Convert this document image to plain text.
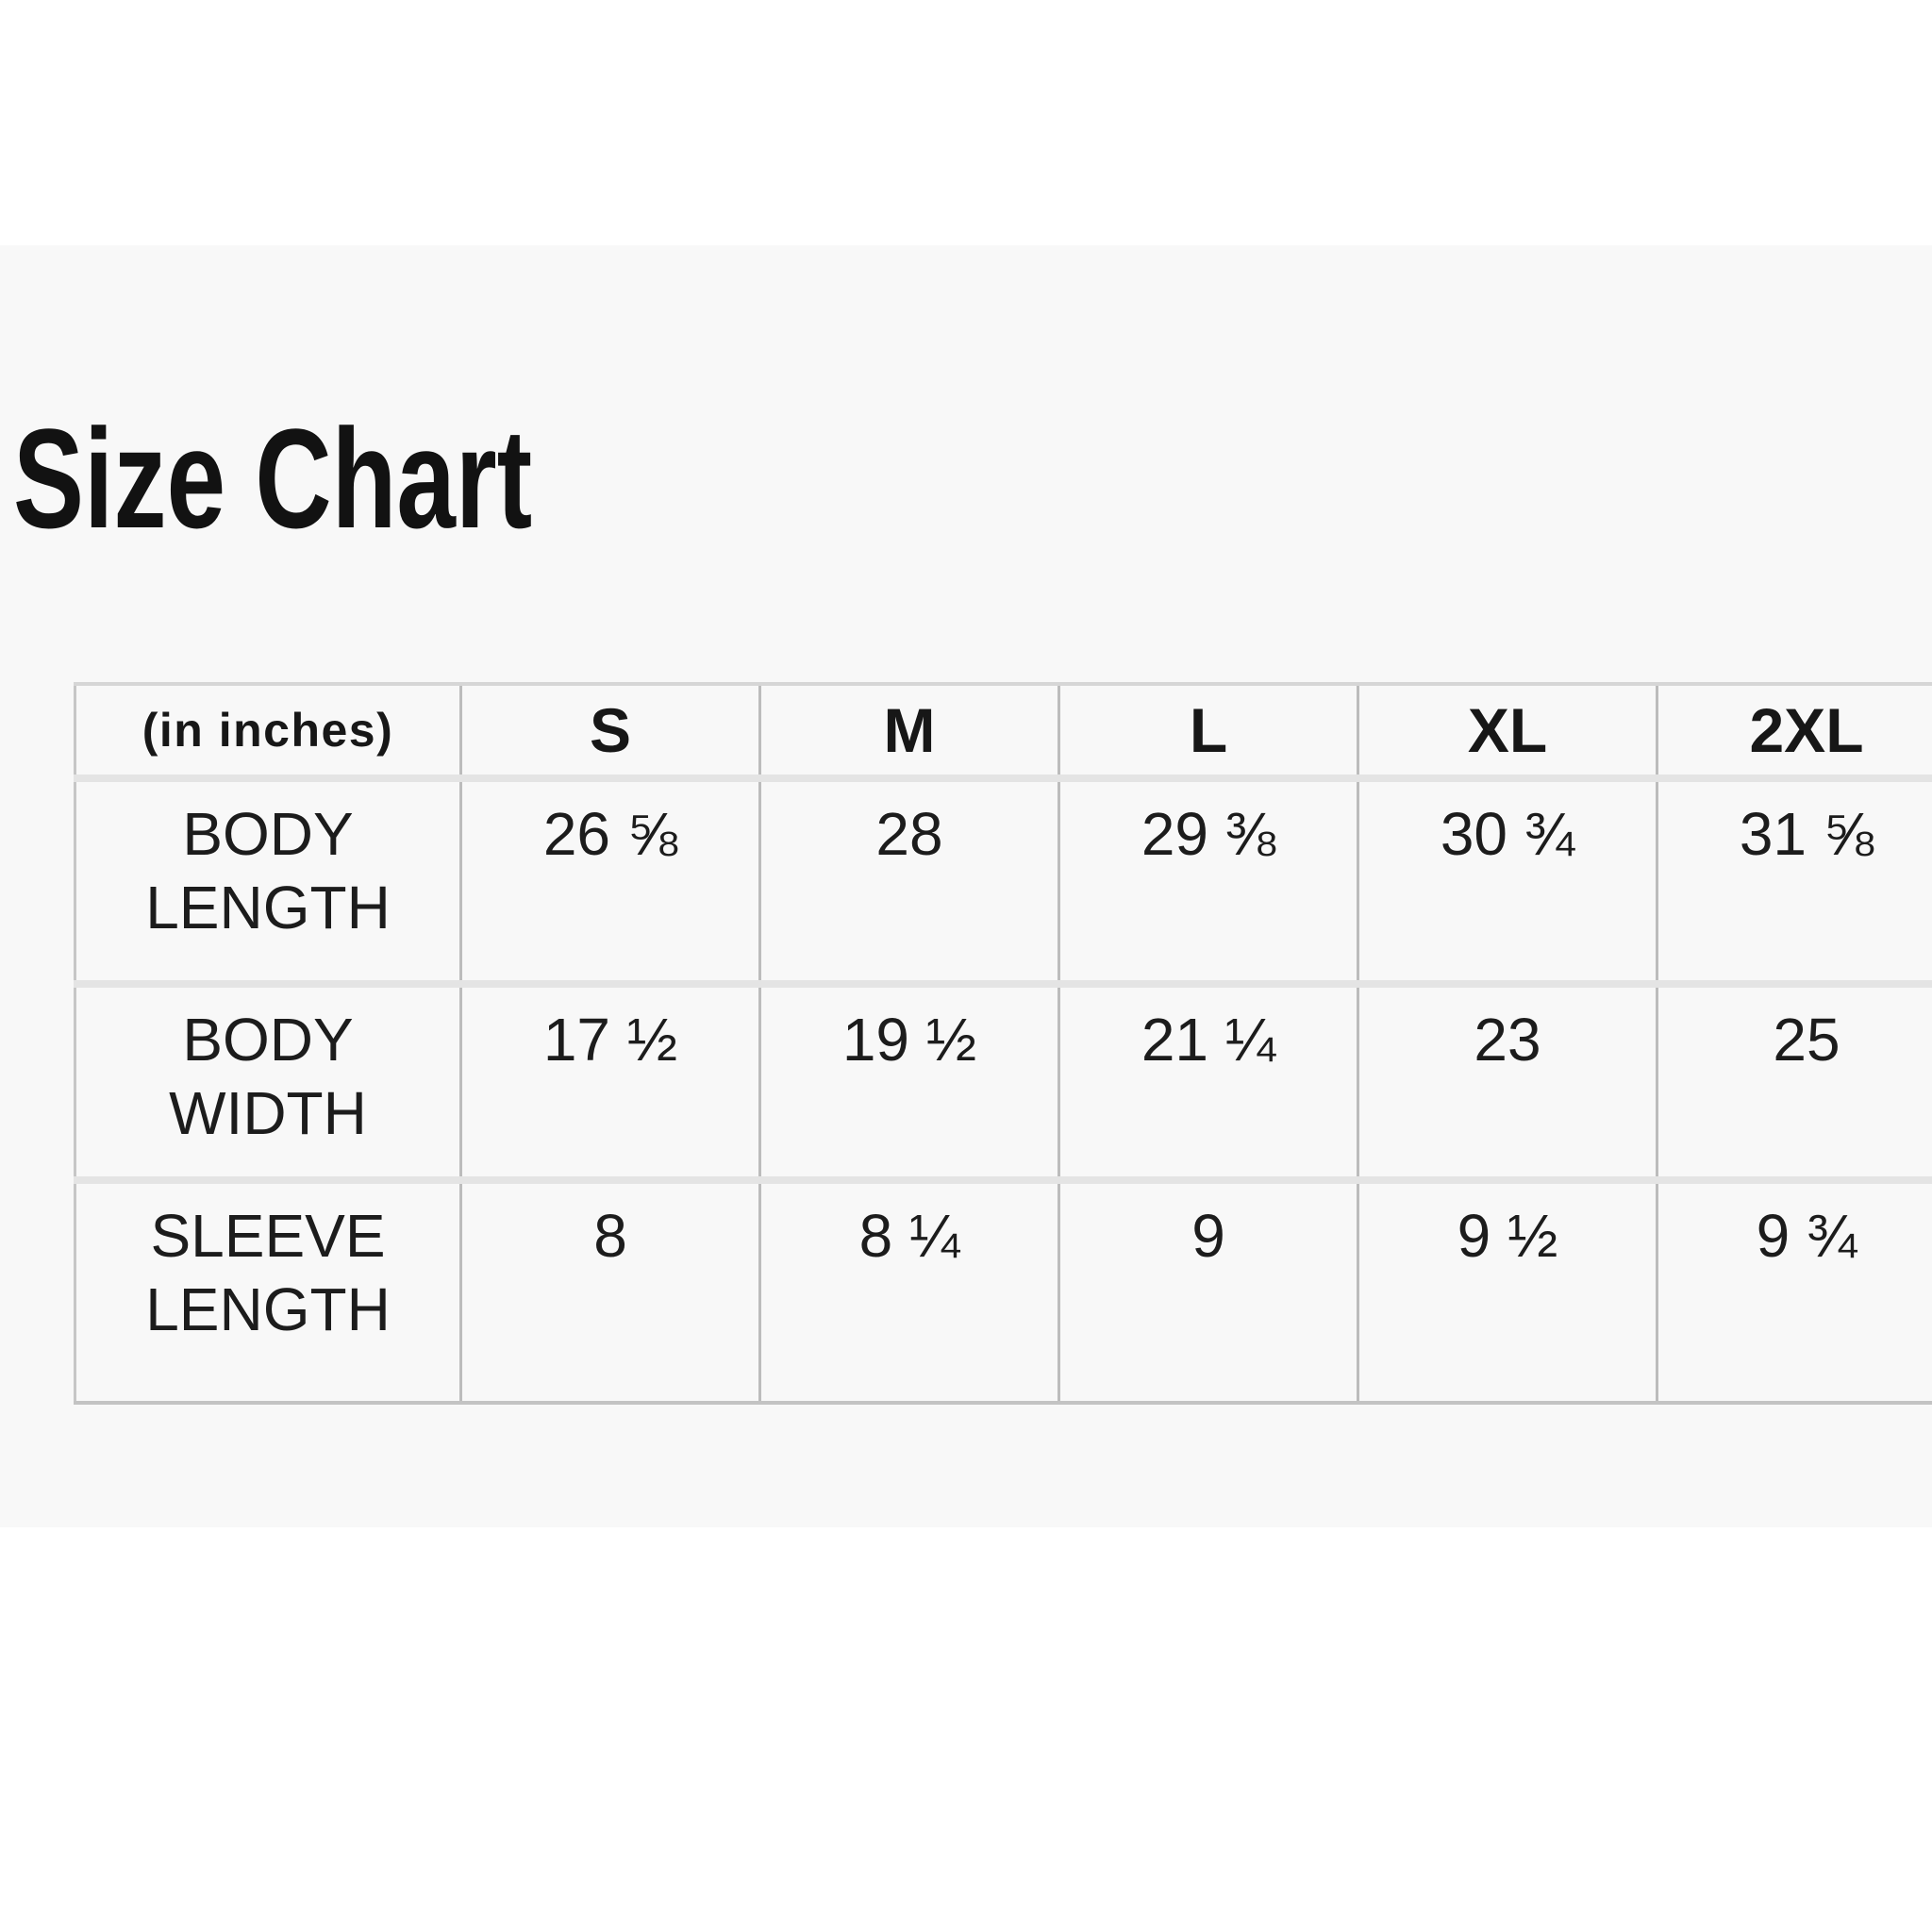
Size Chart
(in inches)	S	M	L	XL	2XL
BODY LENGTH	26 ⅝	28	29 ⅜	30 ¾	31 ⅝
BODY WIDTH	17 ½	19 ½	21 ¼	23	25
SLEEVE LENGTH	8	8 ¼	9	9 ½	9 ¾
